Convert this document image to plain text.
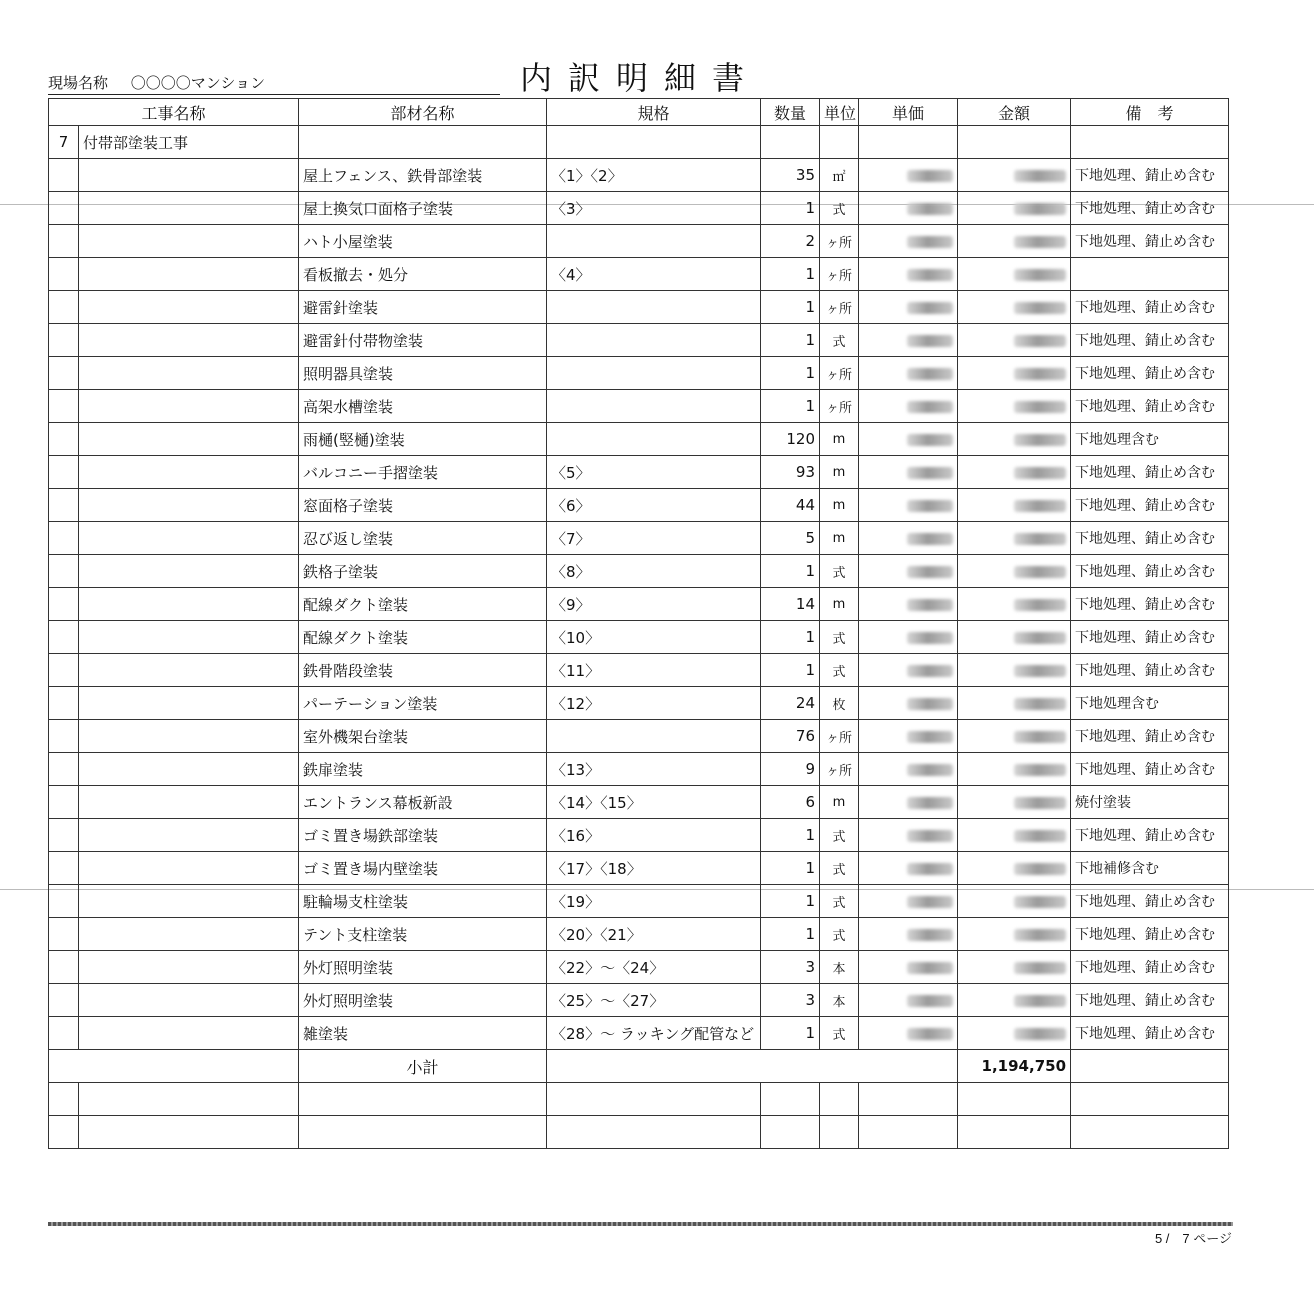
現場名称 〇〇〇〇マンション	内訳明細書
工事名称		部材名称	規格	数量	単位	単価	金額	備　考
7	付帯部塗装工事							
		屋上フェンス、鉄骨部塗装	〈1〉〈2〉	35	㎡			下地処理、錆止め含む
		屋上換気口面格子塗装	〈3〉	1	式			下地処理、錆止め含む
		ハト小屋塗装		2	ヶ所			下地処理、錆止め含む
		看板撤去・処分	〈4〉	1	ヶ所			
		避雷針塗装		1	ヶ所			下地処理、錆止め含む
		避雷針付帯物塗装		1	式			下地処理、錆止め含む
		照明器具塗装		1	ヶ所			下地処理、錆止め含む
		高架水槽塗装		1	ヶ所			下地処理、錆止め含む
		雨樋(竪樋)塗装		120	m			下地処理含む
		バルコニー手摺塗装	〈5〉	93	m			下地処理、錆止め含む
		窓面格子塗装	〈6〉	44	m			下地処理、錆止め含む
		忍び返し塗装	〈7〉	5	m			下地処理、錆止め含む
		鉄格子塗装	〈8〉	1	式			下地処理、錆止め含む
		配線ダクト塗装	〈9〉	14	m			下地処理、錆止め含む
		配線ダクト塗装	〈10〉	1	式			下地処理、錆止め含む
		鉄骨階段塗装	〈11〉	1	式			下地処理、錆止め含む
		パーテーション塗装	〈12〉	24	枚			下地処理含む
		室外機架台塗装		76	ヶ所			下地処理、錆止め含む
		鉄扉塗装	〈13〉	9	ヶ所			下地処理、錆止め含む
		エントランス幕板新設	〈14〉〈15〉	6	m			焼付塗装
		ゴミ置き場鉄部塗装	〈16〉	1	式			下地処理、錆止め含む
		ゴミ置き場内壁塗装	〈17〉〈18〉	1	式			下地補修含む
		駐輪場支柱塗装	〈19〉	1	式			下地処理、錆止め含む
		テント支柱塗装	〈20〉〈21〉	1	式			下地処理、錆止め含む
		外灯照明塗装	〈22〉～〈24〉	3	本			下地処理、錆止め含む
		外灯照明塗装	〈25〉～〈27〉	3	本			下地処理、錆止め含む
		雑塗装	〈28〉～ ラッキング配管など	1	式			下地処理、錆止め含む
		小計					1,194,750	

5 /　7 ページ
